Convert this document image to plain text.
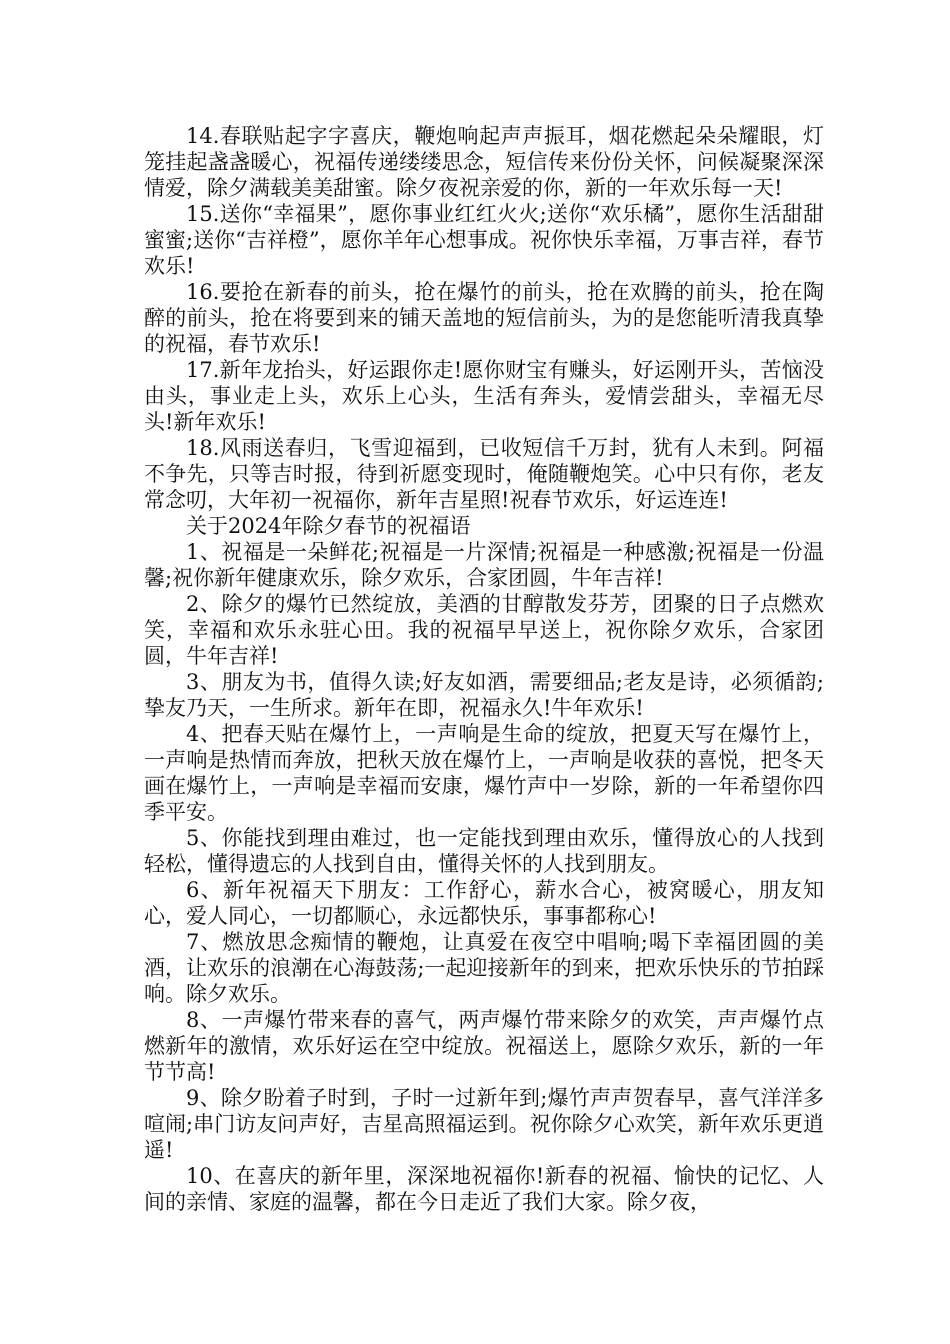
14.春联贴起字字喜庆，鞭炮响起声声振耳，烟花燃起朵朵耀眼，灯笼挂起盏盏暖心，祝福传递缕缕思念，短信传来份份关怀，问候凝聚深深情爱，除夕满载美美甜蜜。除夕夜祝亲爱的你，新的一年欢乐每一天!

15.送你“幸福果”，愿你事业红红火火;送你“欢乐橘”，愿你生活甜甜蜜蜜;送你“吉祥橙”，愿你羊年心想事成。祝你快乐幸福，万事吉祥，春节欢乐!

16.要抢在新春的前头，抢在爆竹的前头，抢在欢腾的前头，抢在陶醉的前头，抢在将要到来的铺天盖地的短信前头，为的是您能听清我真挚的祝福，春节欢乐!

17.新年龙抬头，好运跟你走!愿你财宝有赚头，好运刚开头，苦恼没由头，事业走上头，欢乐上心头，生活有奔头，爱情尝甜头，幸福无尽头!新年欢乐!

18.风雨送春归，飞雪迎福到，已收短信千万封，犹有人未到。阿福不争先，只等吉时报，待到祈愿变现时，俺随鞭炮笑。心中只有你，老友常念叨，大年初一祝福你，新年吉星照!祝春节欢乐，好运连连!

关于2024年除夕春节的祝福语

1、祝福是一朵鲜花;祝福是一片深情;祝福是一种感激;祝福是一份温馨;祝你新年健康欢乐，除夕欢乐，合家团圆，牛年吉祥!

2、除夕的爆竹已然绽放，美酒的甘醇散发芬芳，团聚的日子点燃欢笑，幸福和欢乐永驻心田。我的祝福早早送上，祝你除夕欢乐，合家团圆，牛年吉祥!

3、朋友为书，值得久读;好友如酒，需要细品;老友是诗，必须循韵;挚友乃天，一生所求。新年在即，祝福永久!牛年欢乐!

4、把春天贴在爆竹上，一声响是生命的绽放，把夏天写在爆竹上，一声响是热情而奔放，把秋天放在爆竹上，一声响是收获的喜悦，把冬天画在爆竹上，一声响是幸福而安康，爆竹声中一岁除，新的一年希望你四季平安。

5、你能找到理由难过，也一定能找到理由欢乐，懂得放心的人找到轻松，懂得遗忘的人找到自由，懂得关怀的人找到朋友。

6、新年祝福天下朋友：工作舒心，薪水合心，被窝暖心，朋友知心，爱人同心，一切都顺心，永远都快乐，事事都称心!

7、燃放思念痴情的鞭炮，让真爱在夜空中唱响;喝下幸福团圆的美酒，让欢乐的浪潮在心海鼓荡;一起迎接新年的到来，把欢乐快乐的节拍踩响。除夕欢乐。

8、一声爆竹带来春的喜气，两声爆竹带来除夕的欢笑，声声爆竹点燃新年的激情，欢乐好运在空中绽放。祝福送上，愿除夕欢乐，新的一年节节高!

9、除夕盼着子时到，子时一过新年到;爆竹声声贺春早，喜气洋洋多喧闹;串门访友问声好，吉星高照福运到。祝你除夕心欢笑，新年欢乐更逍遥!

10、在喜庆的新年里，深深地祝福你!新春的祝福、愉快的记忆、人间的亲情、家庭的温馨，都在今日走近了我们大家。除夕夜，
